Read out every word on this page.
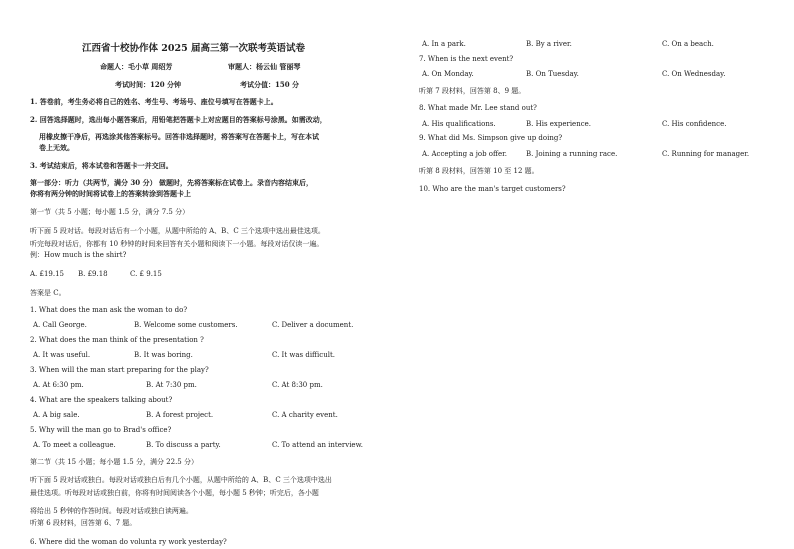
江西省十校协作体 2025 届高三第一次联考英语试卷
命题人：毛小草 周绍芳	审题人：杨云仙 管丽琴
考试时间：120 分钟	考试分值：150 分
1. 答卷前，考生务必将自己的姓名、考生号、考场号、座位号填写在答题卡上。
2. 回答选择题时，选出每小题答案后，用铅笔把答题卡上对应题目的答案标号涂黑。如需改动，
用橡皮擦干净后，再选涂其他答案标号。回答非选择题时，将答案写在答题卡上，写在本试
卷上无效。
3. 考试结束后，将本试卷和答题卡一并交回。
第一部分：听力（共两节，满分 30 分） 做题时，先将答案标在试卷上。录音内容结束后，
你将有两分钟的时间将试卷上的答案转涂到答题卡上
第一节（共 5 小题；每小题 1.5 分，满分 7.5 分）
听下面 5 段对话。每段对话后有一个小题，从题中所给的 A、B、C 三个选项中选出最佳选项。
听完每段对话后，你都有 10 秒钟的时间来回答有关小题和阅读下一小题。每段对话仅读一遍。
例：How much is the shirt?
A. £19.15 B. £9.18	C. £ 9.15
答案是 C。
1. What does the man ask the woman to do?
A. Call George.	B. Welcome some customers.	C. Deliver a document.
2. What does the man think of the presentation ?
A. It was useful.	B. It was boring.	C. It was difficult.
3. When will the man start preparing for the play?
A. At 6:30 pm.	B. At 7:30 pm.	C. At 8:30 pm.
4. What are the speakers talking about?
A. A big sale.	B. A forest project.	C. A charity event.
5. Why will the man go to Brad's office?
A. To meet a colleague.	B. To discuss a party.	C. To attend an interview.
第二节（共 15 小题；每小题 1.5 分，满分 22.5 分）
听下面 5 段对话或独白。每段对话或独白后有几个小题，从题中所给的 A、B、C 三个选项中选出
最佳选项。听每段对话或独白前，你将有时间阅读各个小题，每小题 5 秒钟；听完后，各小题
将给出 5 秒钟的作答时间。每段对话或独白读两遍。
听第 6 段材料，回答第 6、7 题。
6. Where did the woman do volunta ry work yesterday?
A. In a park.	B. By a river.	C. On a beach.
7. When is the next event?
A. On Monday.	B. On Tuesday.	C. On Wednesday.
听第 7 段材料，回答第 8、9 题。
8. What made Mr. Lee stand out?
A. His qualifications.	B. His experience.	C. His confidence.
9. What did Ms. Simpson give up doing?
A. Accepting a job offer.	B. Joining a running race.	C. Running for manager.
听第 8 段材料，回答第 10 至 12 题。
10. Who are the man's target customers?
